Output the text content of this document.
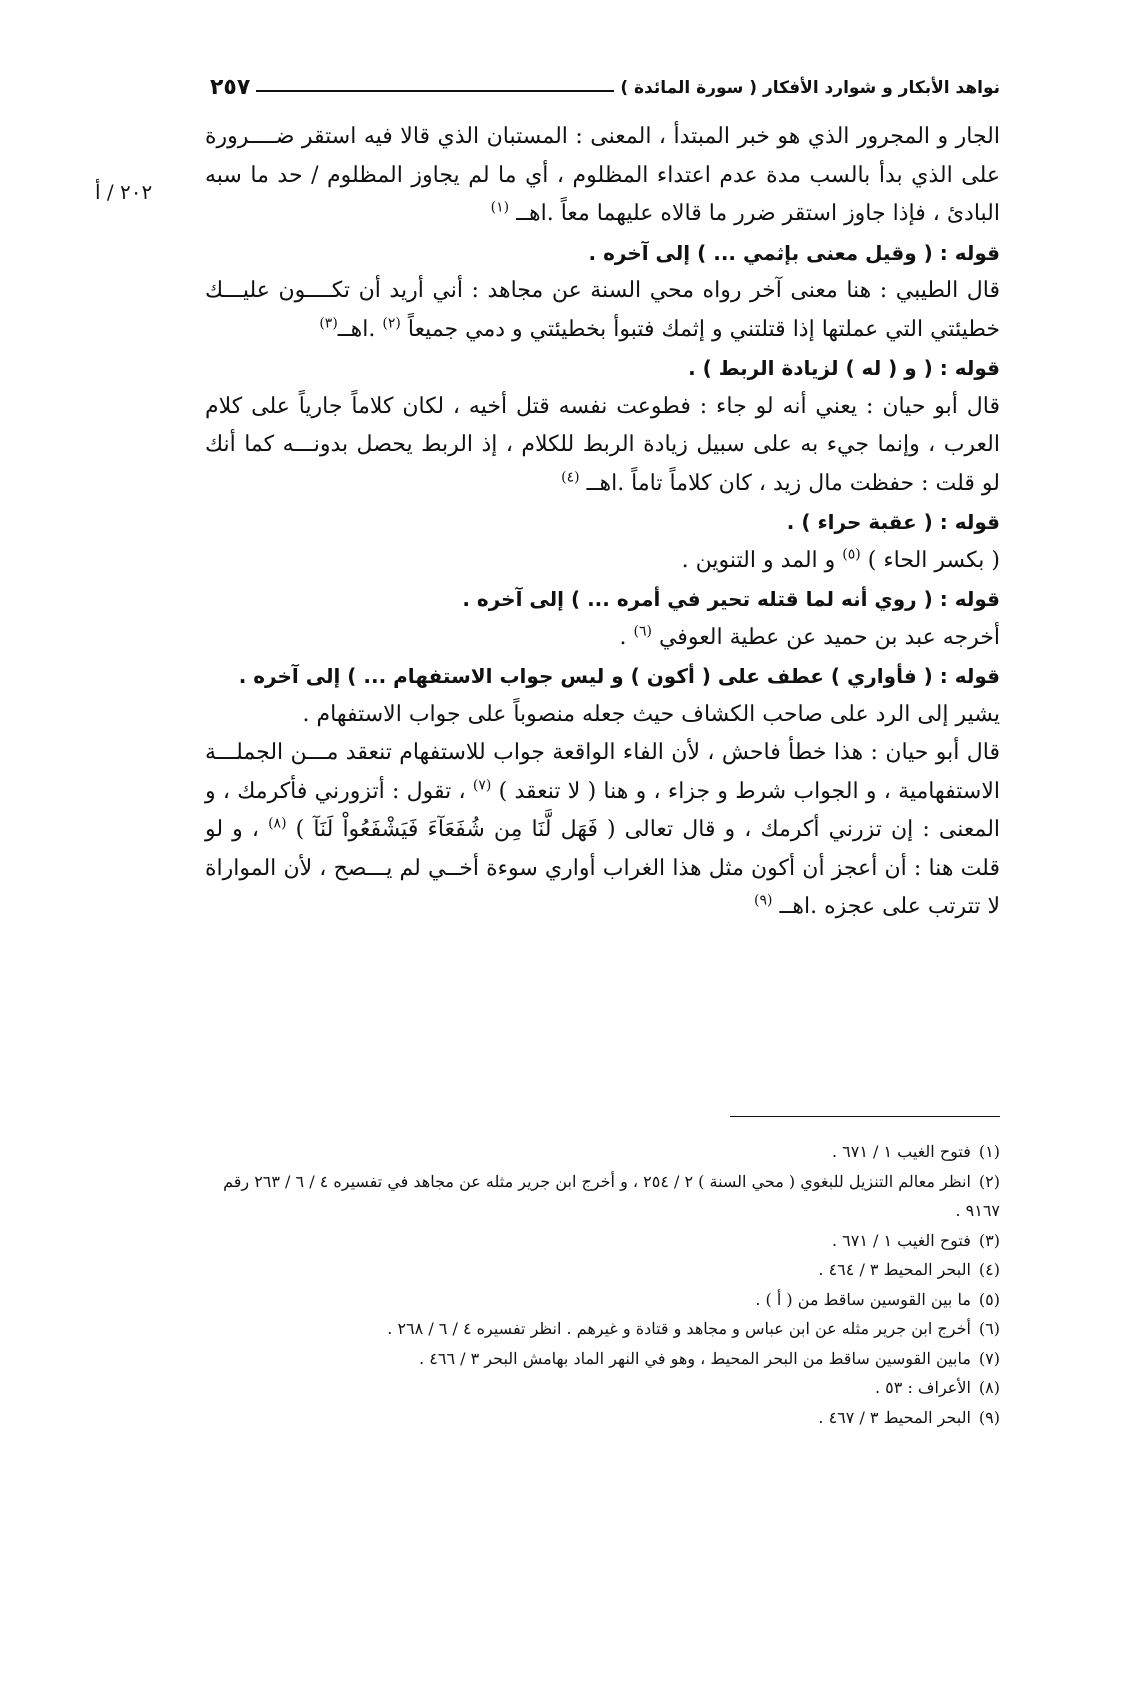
نواهد الأبكار و شوارد الأفكار ( سورة المائدة )
٢٥٧
٢٠٢ / أ

الجار و المجرور الذي هو خبر المبتدأ ، المعنى : المستبان الذي قالا فيه استقر ضــــرورة على الذي بدأ بالسب مدة عدم اعتداء المظلوم ، أي ما لم يجاوز المظلوم / حد ما سبه البادئ ، فإذا جاوز استقر ضرر ما قالاه عليهما معاً .اهــ $^{(١)}$

قوله : ( وقيل معنى بإثمي ... ) إلى آخره .

قال الطيبي : هنا معنى آخر رواه محي السنة عن مجاهد : أني أريد أن تكــــون عليـــك خطيئتي التي عملتها إذا قتلتني و إثمك فتبوأ بخطيئتي و دمي جميعاً $^{(٢)}$ .اهــ$^{(٣)}$

قوله : ( و ( له ) لزيادة الربط ) .

قال أبو حيان : يعني أنه لو جاء : فطوعت نفسه قتل أخيه ، لكان كلاماً جارياً على كلام العرب ، وإنما جيء به على سبيل زيادة الربط للكلام ، إذ الربط يحصل بدونـــه كما أنك لو قلت : حفظت مال زيد ، كان كلاماً تاماً .اهــ $^{(٤)}$

قوله : ( عقبة حراء ) .

( بكسر الحاء ) $^{(٥)}$ و المد و التنوين .

قوله : ( روي أنه لما قتله تحير في أمره ... ) إلى آخره .

أخرجه عبد بن حميد عن عطية العوفي $^{(٦)}$ .

قوله : ( فأواري ) عطف على ( أكون ) و ليس جواب الاستفهام ... ) إلى آخره .

يشير إلى الرد على صاحب الكشاف حيث جعله منصوباً على جواب الاستفهام .

قال أبو حيان : هذا خطأ فاحش ، لأن الفاء الواقعة جواب للاستفهام تنعقد مـــن الجملـــة الاستفهامية ، و الجواب شرط و جزاء ، و هنا ( لا تنعقد ) $^{(٧)}$ ، تقول : أتزورني فأكرمك ، و المعنى : إن تزرني أكرمك ، و قال تعالى ( فَهَل لَّنَا مِن شُفَعَآءَ فَيَشْفَعُواْ لَنَآ ) $^{(٨)}$ ، و لو قلت هنا : أن أعجز أن أكون مثل هذا الغراب أواري سوءة أخــي لم يـــصح ، لأن المواراة لا تترتب على عجزه .اهــ $^{(٩)}$

(١)فتوح الغيب ١ / ٦٧١ .

(٢)انظر معالم التنزيل للبغوي ( محي السنة ) ٢ / ٢٥٤ ، و أخرج ابن جرير مثله عن مجاهد في تفسيره ٤ / ٦ / ٢٦٣ رقم ٩١٦٧ .

(٣)فتوح الغيب ١ / ٦٧١ .

(٤)البحر المحيط ٣ / ٤٦٤ .

(٥)ما بين القوسين ساقط من ( أ ) .

(٦)أخرج ابن جرير مثله عن ابن عباس و مجاهد و قتادة و غيرهم . انظر تفسيره ٤ / ٦ / ٢٦٨ .

(٧)مابين القوسين ساقط من البحر المحيط ، وهو في النهر الماد بهامش البحر ٣ / ٤٦٦ .

(٨)الأعراف : ٥٣ .

(٩)البحر المحيط ٣ / ٤٦٧ .
